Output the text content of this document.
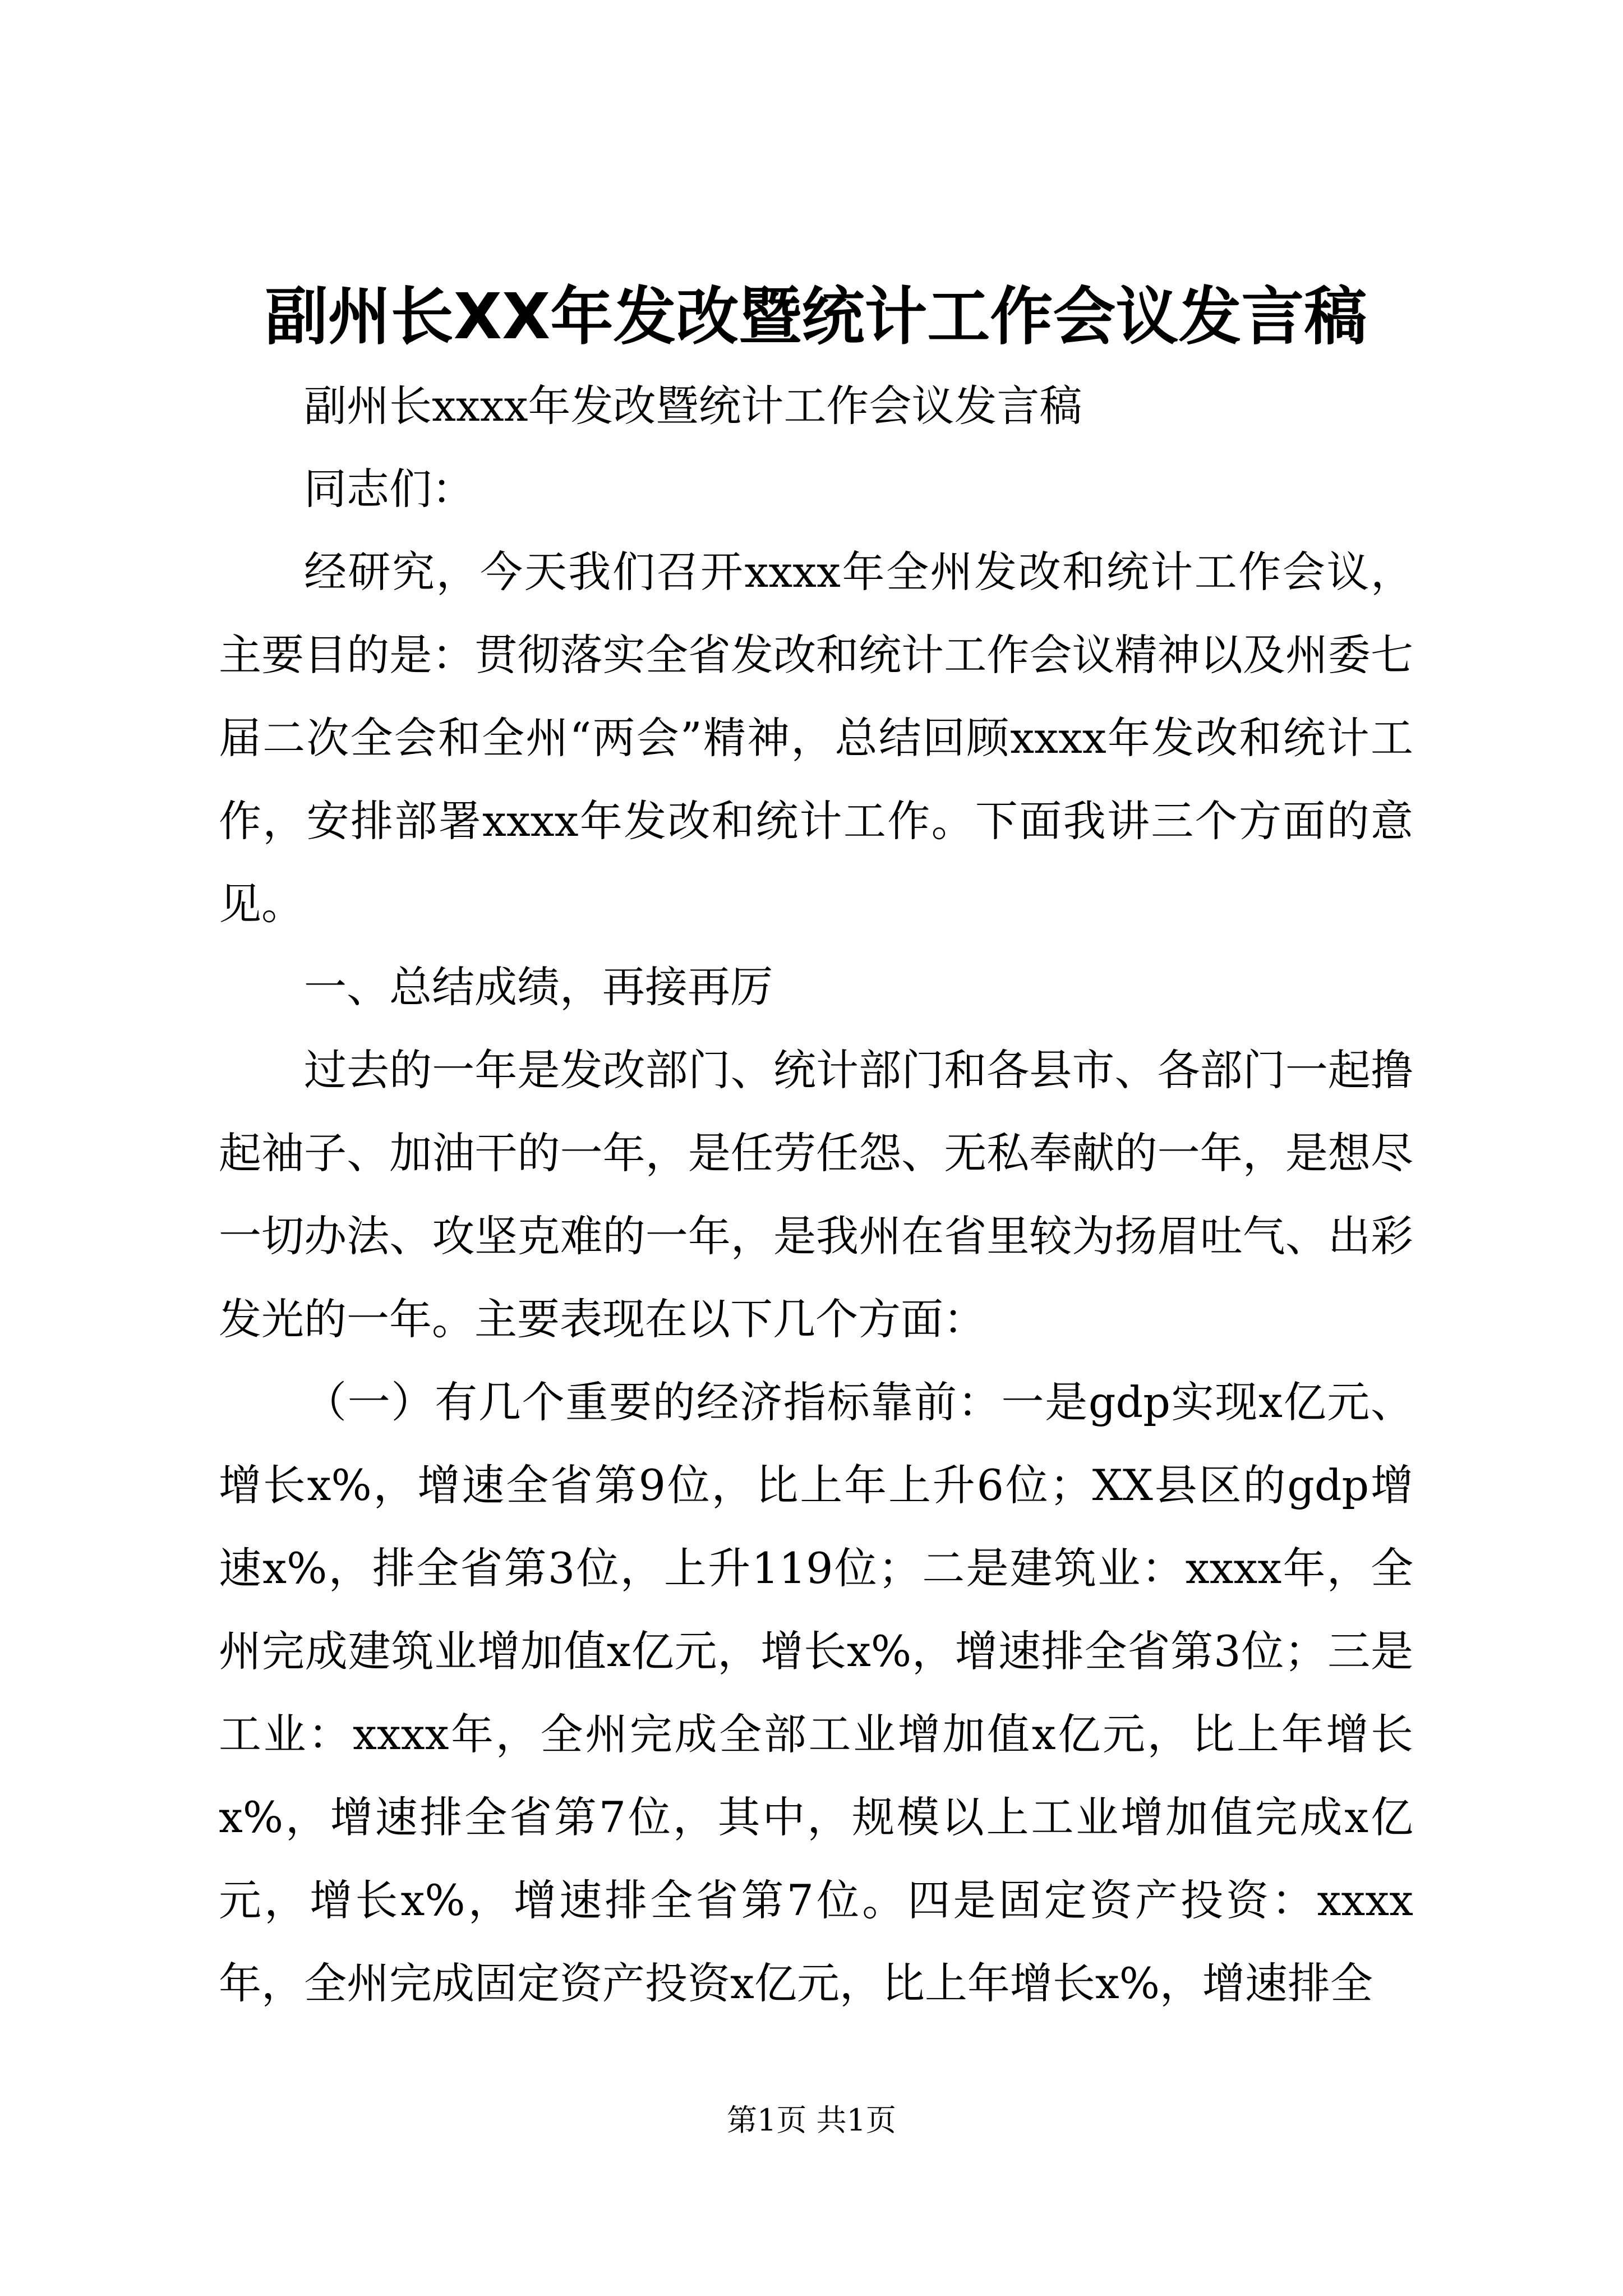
副州长XX年发改暨统计工作会议发言稿

副州长xxxx年发改暨统计工作会议发言稿

同志们：

经研究，今天我们召开xxxx年全州发改和统计工作会议，主要目的是：贯彻落实全省发改和统计工作会议精神以及州委七届二次全会和全州“两会”精神，总结回顾xxxx年发改和统计工作，安排部署xxxx年发改和统计工作。下面我讲三个方面的意见。

一、总结成绩，再接再厉

过去的一年是发改部门、统计部门和各县市、各部门一起撸起袖子、加油干的一年，是任劳任怨、无私奉献的一年，是想尽一切办法、攻坚克难的一年，是我州在省里较为扬眉吐气、出彩发光的一年。主要表现在以下几个方面：

（一）有几个重要的经济指标靠前：一是gdp实现x亿元、增长x%，增速全省第9位，比上年上升6位；XX县区的gdp增速x%，排全省第3位，上升119位；二是建筑业：xxxx年，全州完成建筑业增加值x亿元，增长x%，增速排全省第3位；三是工业：xxxx年，全州完成全部工业增加值x亿元，比上年增长x%，增速排全省第7位，其中，规模以上工业增加值完成x亿元，增长x%，增速排全省第7位。四是固定资产投资：xxxx年，全州完成固定资产投资x亿元，比上年增长x%，增速排全

第1页 共1页
